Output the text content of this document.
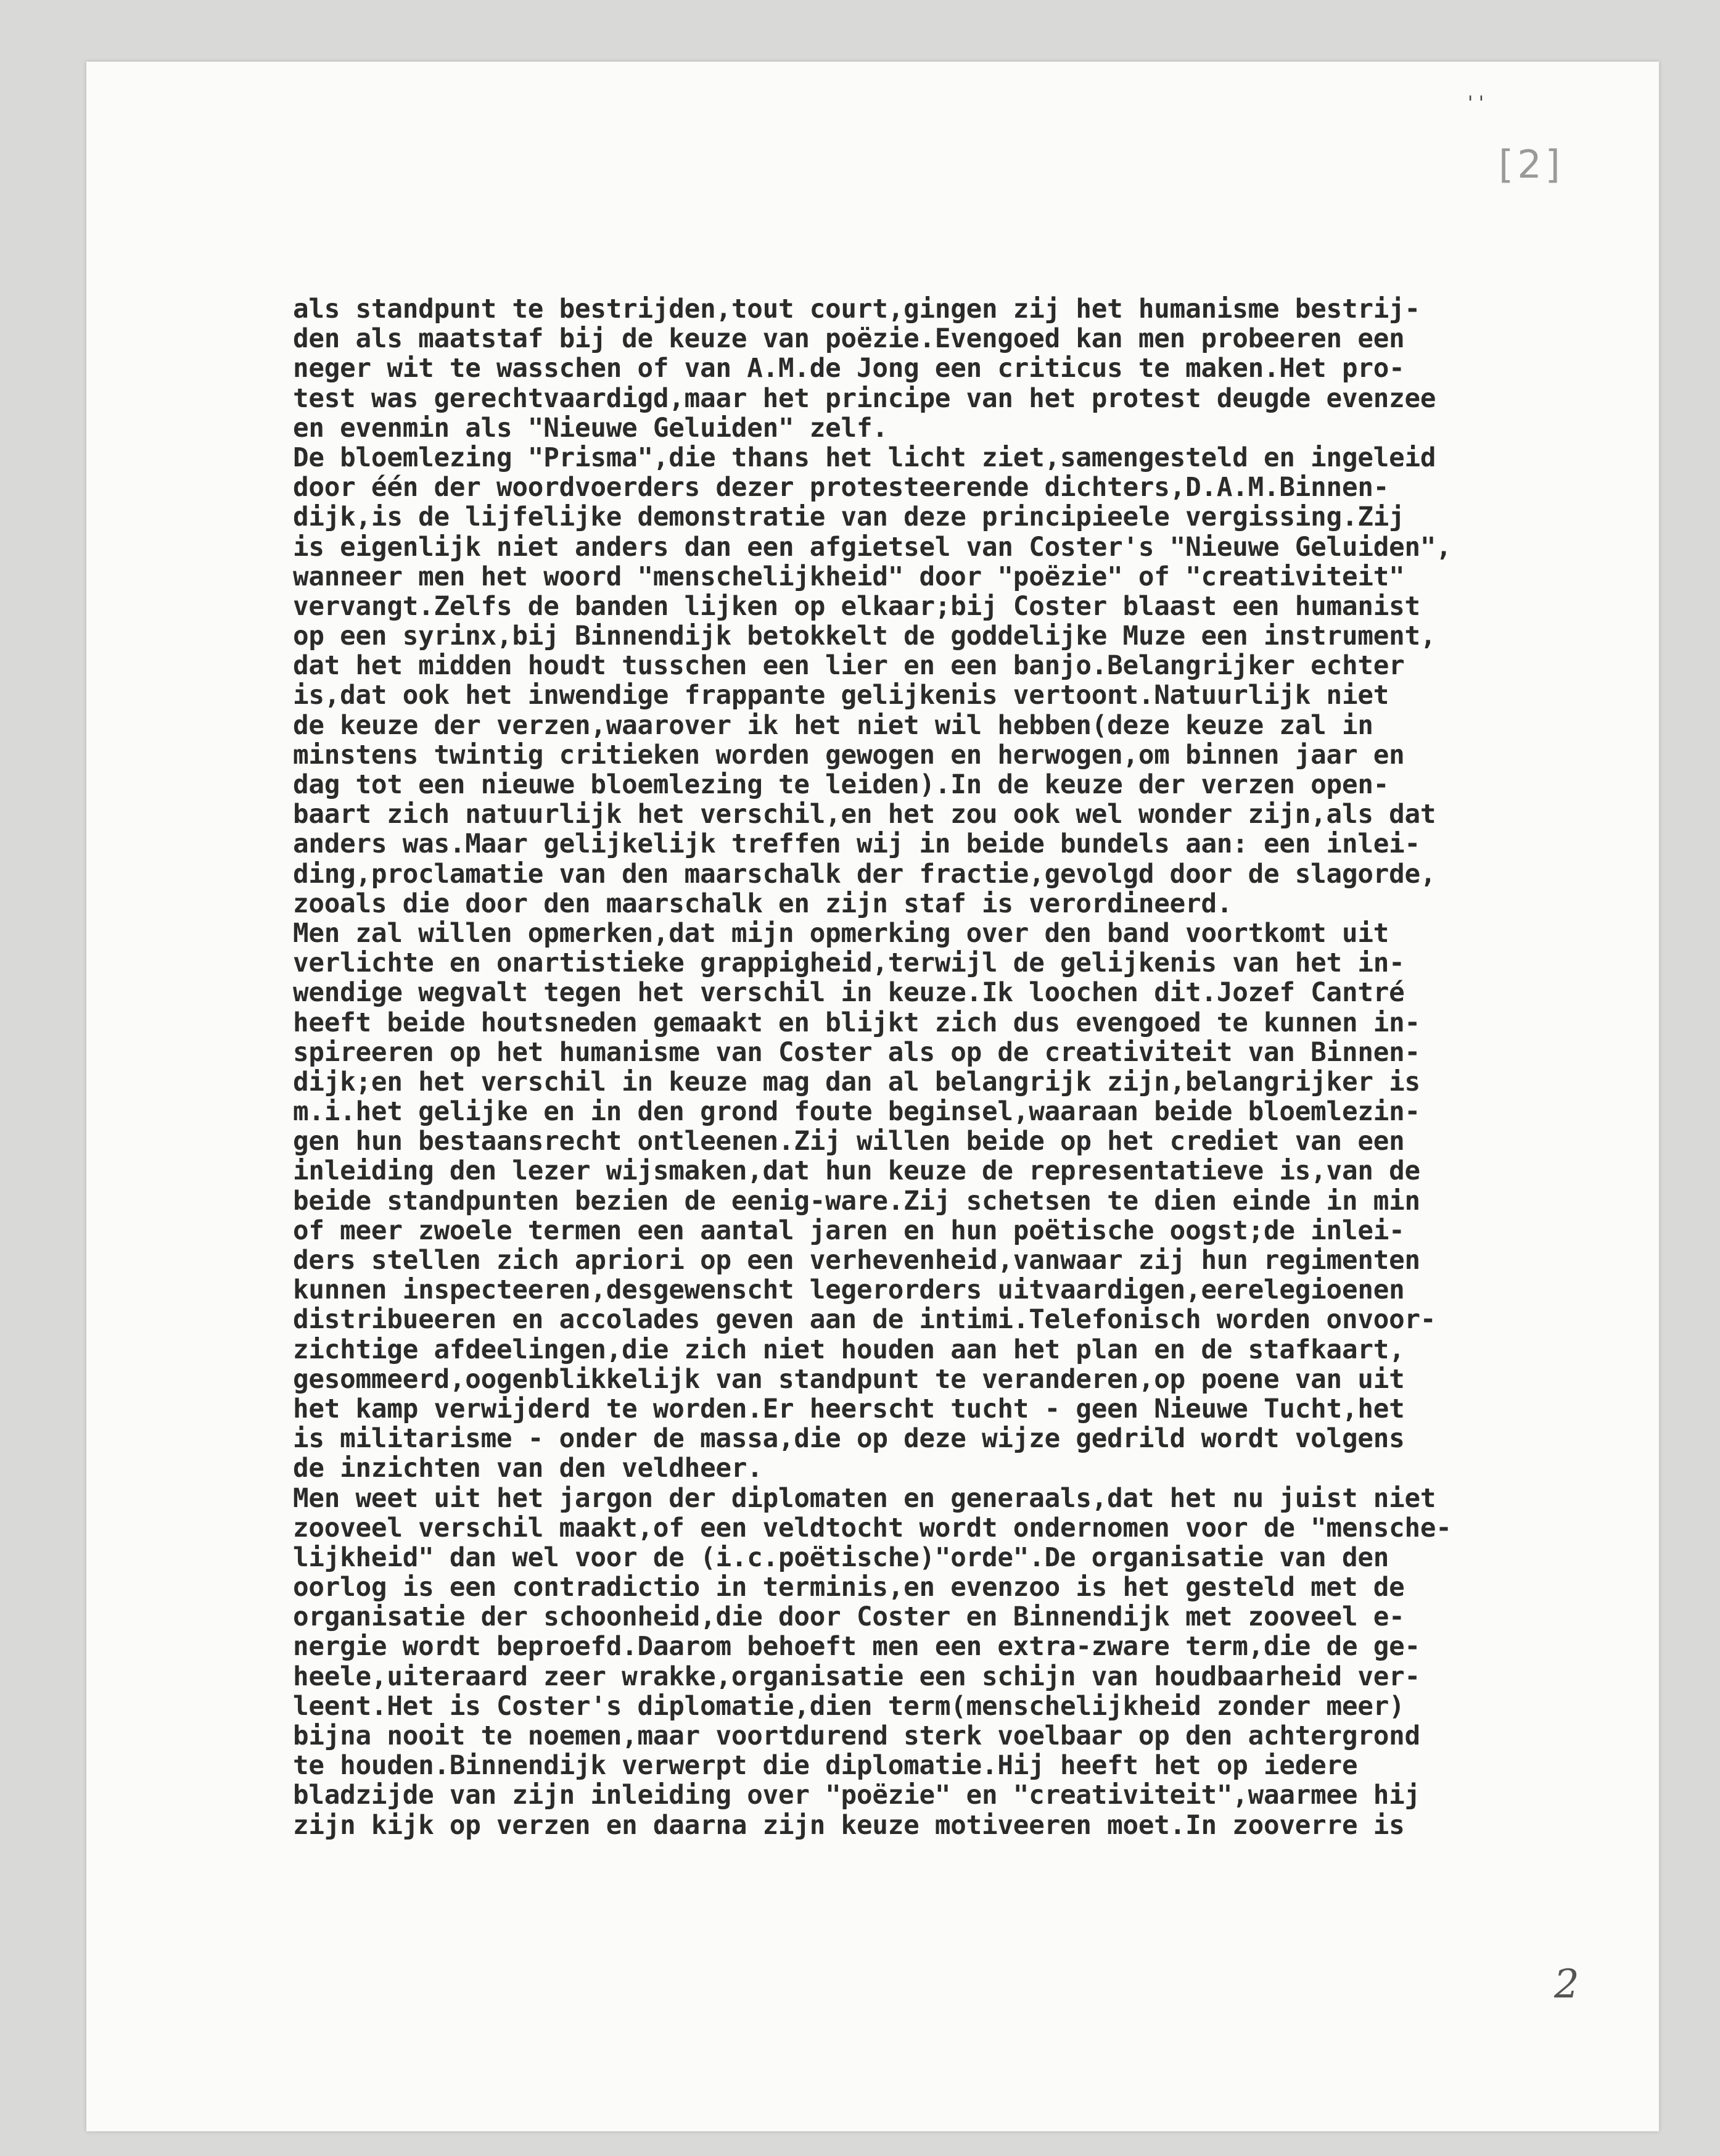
' '
[2]
als standpunt te bestrijden,tout court,gingen zij het humanisme bestrij-
den als maatstaf bij de keuze van poëzie.Evengoed kan men probeeren een
neger wit te wasschen of van A.M.de Jong een criticus te maken.Het pro-
test was gerechtvaardigd,maar het principe van het protest deugde evenzee
en evenmin als "Nieuwe Geluiden" zelf.
De bloemlezing "Prisma",die thans het licht ziet,samengesteld en ingeleid
door één der woordvoerders dezer protesteerende dichters,D.A.M.Binnen-
dijk,is de lijfelijke demonstratie van deze principieele vergissing.Zij
is eigenlijk niet anders dan een afgietsel van Coster's "Nieuwe Geluiden",
wanneer men het woord "menschelijkheid" door "poëzie" of "creativiteit"
vervangt.Zelfs de banden lijken op elkaar;bij Coster blaast een humanist
op een syrinx,bij Binnendijk betokkelt de goddelijke Muze een instrument,
dat het midden houdt tusschen een lier en een banjo.Belangrijker echter
is,dat ook het inwendige frappante gelijkenis vertoont.Natuurlijk niet
de keuze der verzen,waarover ik het niet wil hebben(deze keuze zal in
minstens twintig critieken worden gewogen en herwogen,om binnen jaar en
dag tot een nieuwe bloemlezing te leiden).In de keuze der verzen open-
baart zich natuurlijk het verschil,en het zou ook wel wonder zijn,als dat
anders was.Maar gelijkelijk treffen wij in beide bundels aan: een inlei-
ding,proclamatie van den maarschalk der fractie,gevolgd door de slagorde,
zooals die door den maarschalk en zijn staf is verordineerd.
Men zal willen opmerken,dat mijn opmerking over den band voortkomt uit
verlichte en onartistieke grappigheid,terwijl de gelijkenis van het in-
wendige wegvalt tegen het verschil in keuze.Ik loochen dit.Jozef Cantré
heeft beide houtsneden gemaakt en blijkt zich dus evengoed te kunnen in-
spireeren op het humanisme van Coster als op de creativiteit van Binnen-
dijk;en het verschil in keuze mag dan al belangrijk zijn,belangrijker is
m.i.het gelijke en in den grond foute beginsel,waaraan beide bloemlezin-
gen hun bestaansrecht ontleenen.Zij willen beide op het crediet van een
inleiding den lezer wijsmaken,dat hun keuze de representatieve is,van de
beide standpunten bezien de eenig-ware.Zij schetsen te dien einde in min
of meer zwoele termen een aantal jaren en hun poëtische oogst;de inlei-
ders stellen zich apriori op een verhevenheid,vanwaar zij hun regimenten
kunnen inspecteeren,desgewenscht legerorders uitvaardigen,eerelegioenen
distribueeren en accolades geven aan de intimi.Telefonisch worden onvoor-
zichtige afdeelingen,die zich niet houden aan het plan en de stafkaart,
gesommeerd,oogenblikkelijk van standpunt te veranderen,op poene van uit
het kamp verwijderd te worden.Er heerscht tucht - geen Nieuwe Tucht,het
is militarisme - onder de massa,die op deze wijze gedrild wordt volgens
de inzichten van den veldheer.
Men weet uit het jargon der diplomaten en generaals,dat het nu juist niet
zooveel verschil maakt,of een veldtocht wordt ondernomen voor de "mensche-
lijkheid" dan wel voor de (i.c.poëtische)"orde".De organisatie van den
oorlog is een contradictio in terminis,en evenzoo is het gesteld met de
organisatie der schoonheid,die door Coster en Binnendijk met zooveel e-
nergie wordt beproefd.Daarom behoeft men een extra-zware term,die de ge-
heele,uiteraard zeer wrakke,organisatie een schijn van houdbaarheid ver-
leent.Het is Coster's diplomatie,dien term(menschelijkheid zonder meer)
bijna nooit te noemen,maar voortdurend sterk voelbaar op den achtergrond
te houden.Binnendijk verwerpt die diplomatie.Hij heeft het op iedere
bladzijde van zijn inleiding over "poëzie" en "creativiteit",waarmee hij
zijn kijk op verzen en daarna zijn keuze motiveeren moet.In zooverre is
2
